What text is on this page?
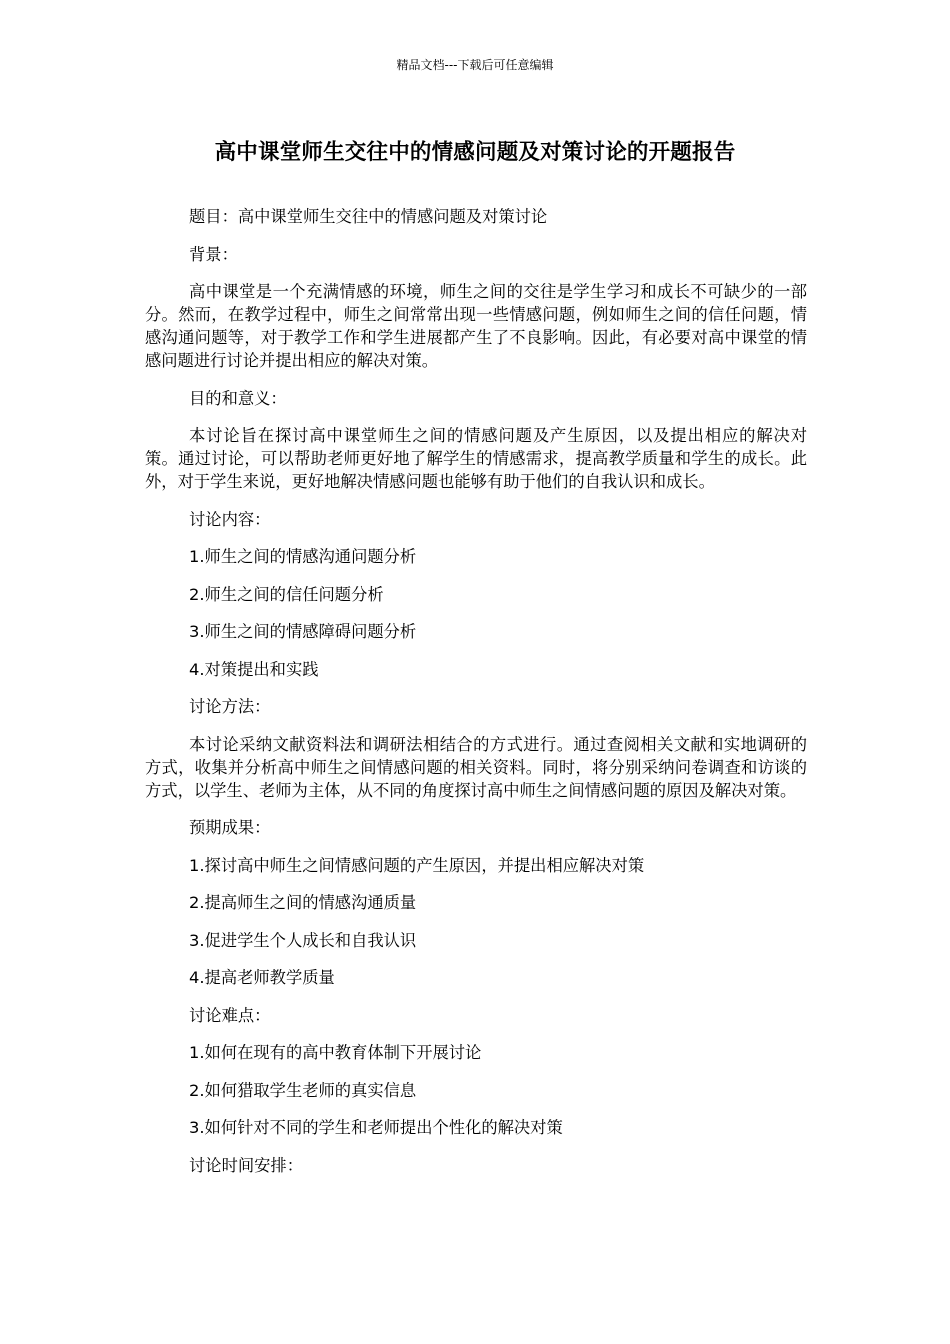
精品文档---下载后可任意编辑
高中课堂师生交往中的情感问题及对策讨论的开题报告

题目：高中课堂师生交往中的情感问题及对策讨论

背景：

高中课堂是一个充满情感的环境，师生之间的交往是学生学习和成长不可缺少的一部分。然而，在教学过程中，师生之间常常出现一些情感问题，例如师生之间的信任问题，情感沟通问题等，对于教学工作和学生进展都产生了不良影响。因此，有必要对高中课堂的情感问题进行讨论并提出相应的解决对策。

目的和意义：

本讨论旨在探讨高中课堂师生之间的情感问题及产生原因，以及提出相应的解决对策。通过讨论，可以帮助老师更好地了解学生的情感需求，提高教学质量和学生的成长。此外，对于学生来说，更好地解决情感问题也能够有助于他们的自我认识和成长。

讨论内容：

1.师生之间的情感沟通问题分析

2.师生之间的信任问题分析

3.师生之间的情感障碍问题分析

4.对策提出和实践

讨论方法：

本讨论采纳文献资料法和调研法相结合的方式进行。通过查阅相关文献和实地调研的方式，收集并分析高中师生之间情感问题的相关资料。同时，将分别采纳问卷调查和访谈的方式，以学生、老师为主体，从不同的角度探讨高中师生之间情感问题的原因及解决对策。

预期成果：

1.探讨高中师生之间情感问题的产生原因，并提出相应解决对策

2.提高师生之间的情感沟通质量

3.促进学生个人成长和自我认识

4.提高老师教学质量

讨论难点：

1.如何在现有的高中教育体制下开展讨论

2.如何猎取学生老师的真实信息

3.如何针对不同的学生和老师提出个性化的解决对策

讨论时间安排：
